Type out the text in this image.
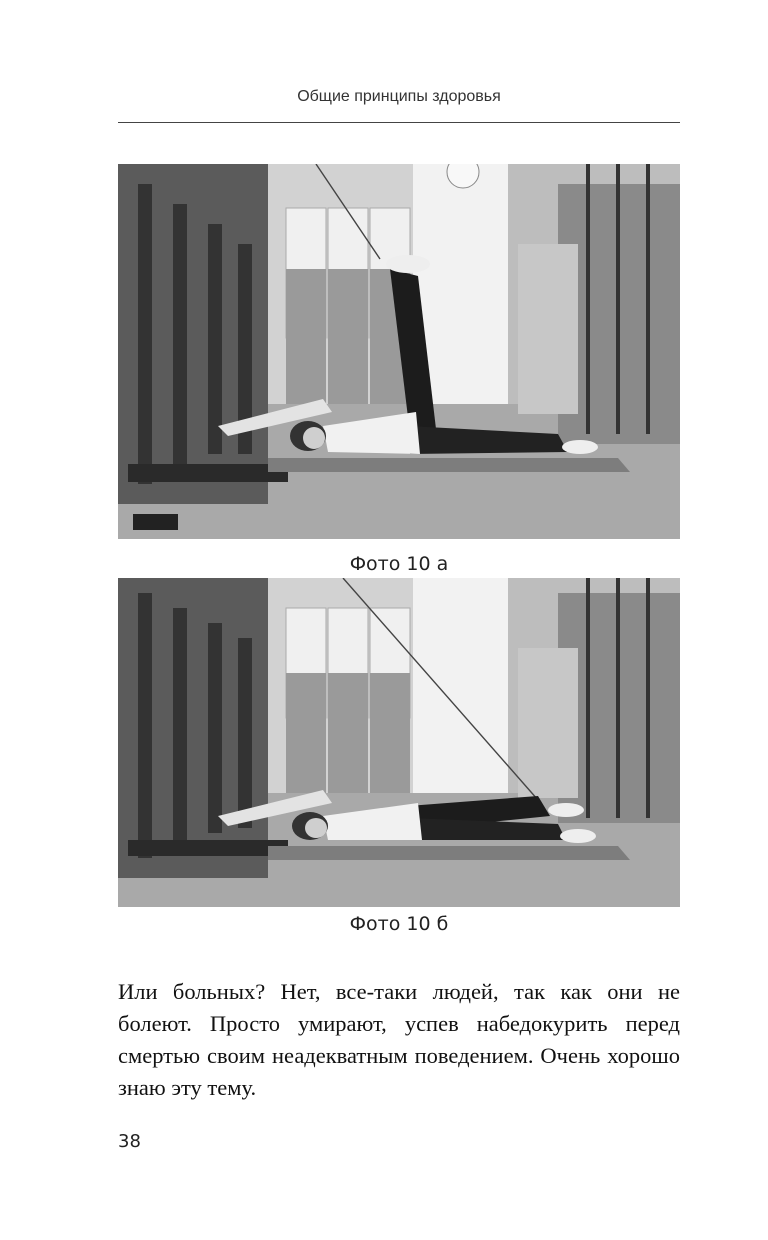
Общие принципы здоровья
Фото 10 а
Фото 10 б

Или больных? Нет, все-таки людей, так как они не болеют. Просто умирают, успев набедокурить перед смертью своим неадекватным поведением. Очень хорошо знаю эту тему.

38
